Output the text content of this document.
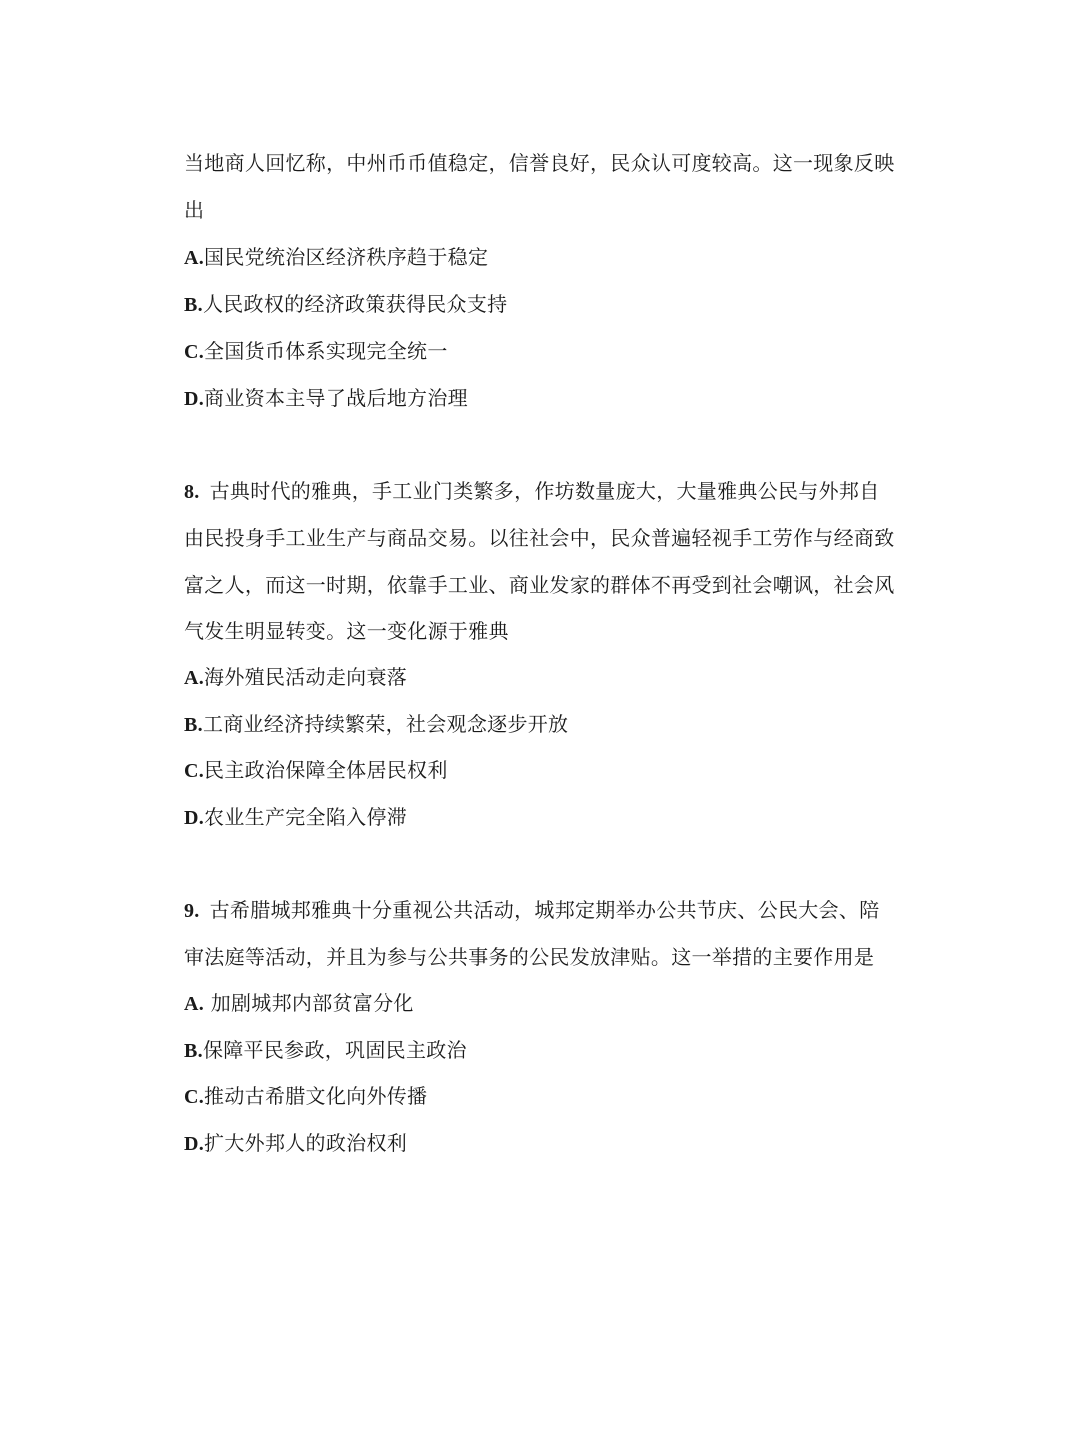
当地商人回忆称，中州币币值稳定，信誉良好，民众认可度较高。这一现象反映
出
A.国民党统治区经济秩序趋于稳定
B.人民政权的经济政策获得民众支持
C.全国货币体系实现完全统一
D.商业资本主导了战后地方治理
8. 古典时代的雅典，手工业门类繁多，作坊数量庞大，大量雅典公民与外邦自
由民投身手工业生产与商品交易。以往社会中，民众普遍轻视手工劳作与经商致
富之人，而这一时期，依靠手工业、商业发家的群体不再受到社会嘲讽，社会风
气发生明显转变。这一变化源于雅典
A.海外殖民活动走向衰落
B.工商业经济持续繁荣，社会观念逐步开放
C.民主政治保障全体居民权利
D.农业生产完全陷入停滞
9. 古希腊城邦雅典十分重视公共活动，城邦定期举办公共节庆、公民大会、陪
审法庭等活动，并且为参与公共事务的公民发放津贴。这一举措的主要作用是
A. 加剧城邦内部贫富分化
B.保障平民参政，巩固民主政治
C.推动古希腊文化向外传播
D.扩大外邦人的政治权利
